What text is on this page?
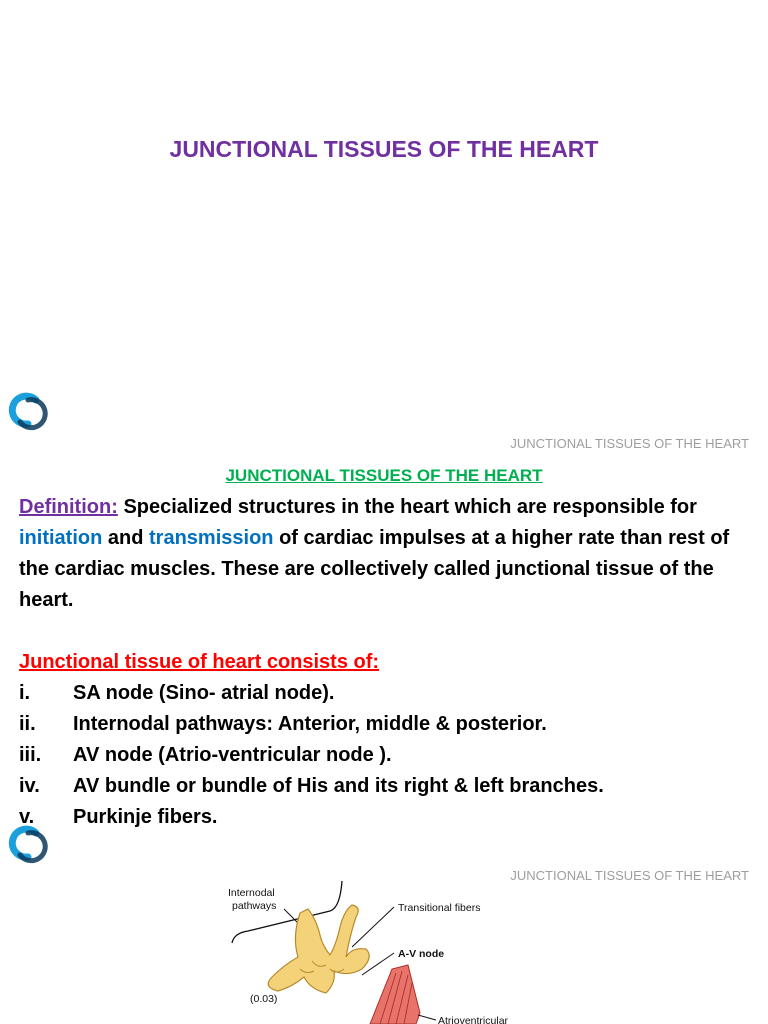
JUNCTIONAL TISSUES OF THE HEART
JUNCTIONAL TISSUES OF THE HEART
JUNCTIONAL TISSUES OF THE HEART
Definition: Specialized structures in the heart which are responsible for initiation and transmission of cardiac impulses at a higher rate than rest of the cardiac muscles. These are collectively called junctional tissue of the heart.
Junctional tissue of heart consists of:
i.	SA node (Sino- atrial node).
ii.	Internodal pathways: Anterior, middle & posterior.
iii.	AV node (Atrio-ventricular node ).
iv.	AV bundle or bundle of His and its right & left branches.
v.	Purkinje fibers.
JUNCTIONAL TISSUES OF THE HEART
Internodal
pathways	Transitional fibers
A-V node
(0.03)
Atrioventricular
